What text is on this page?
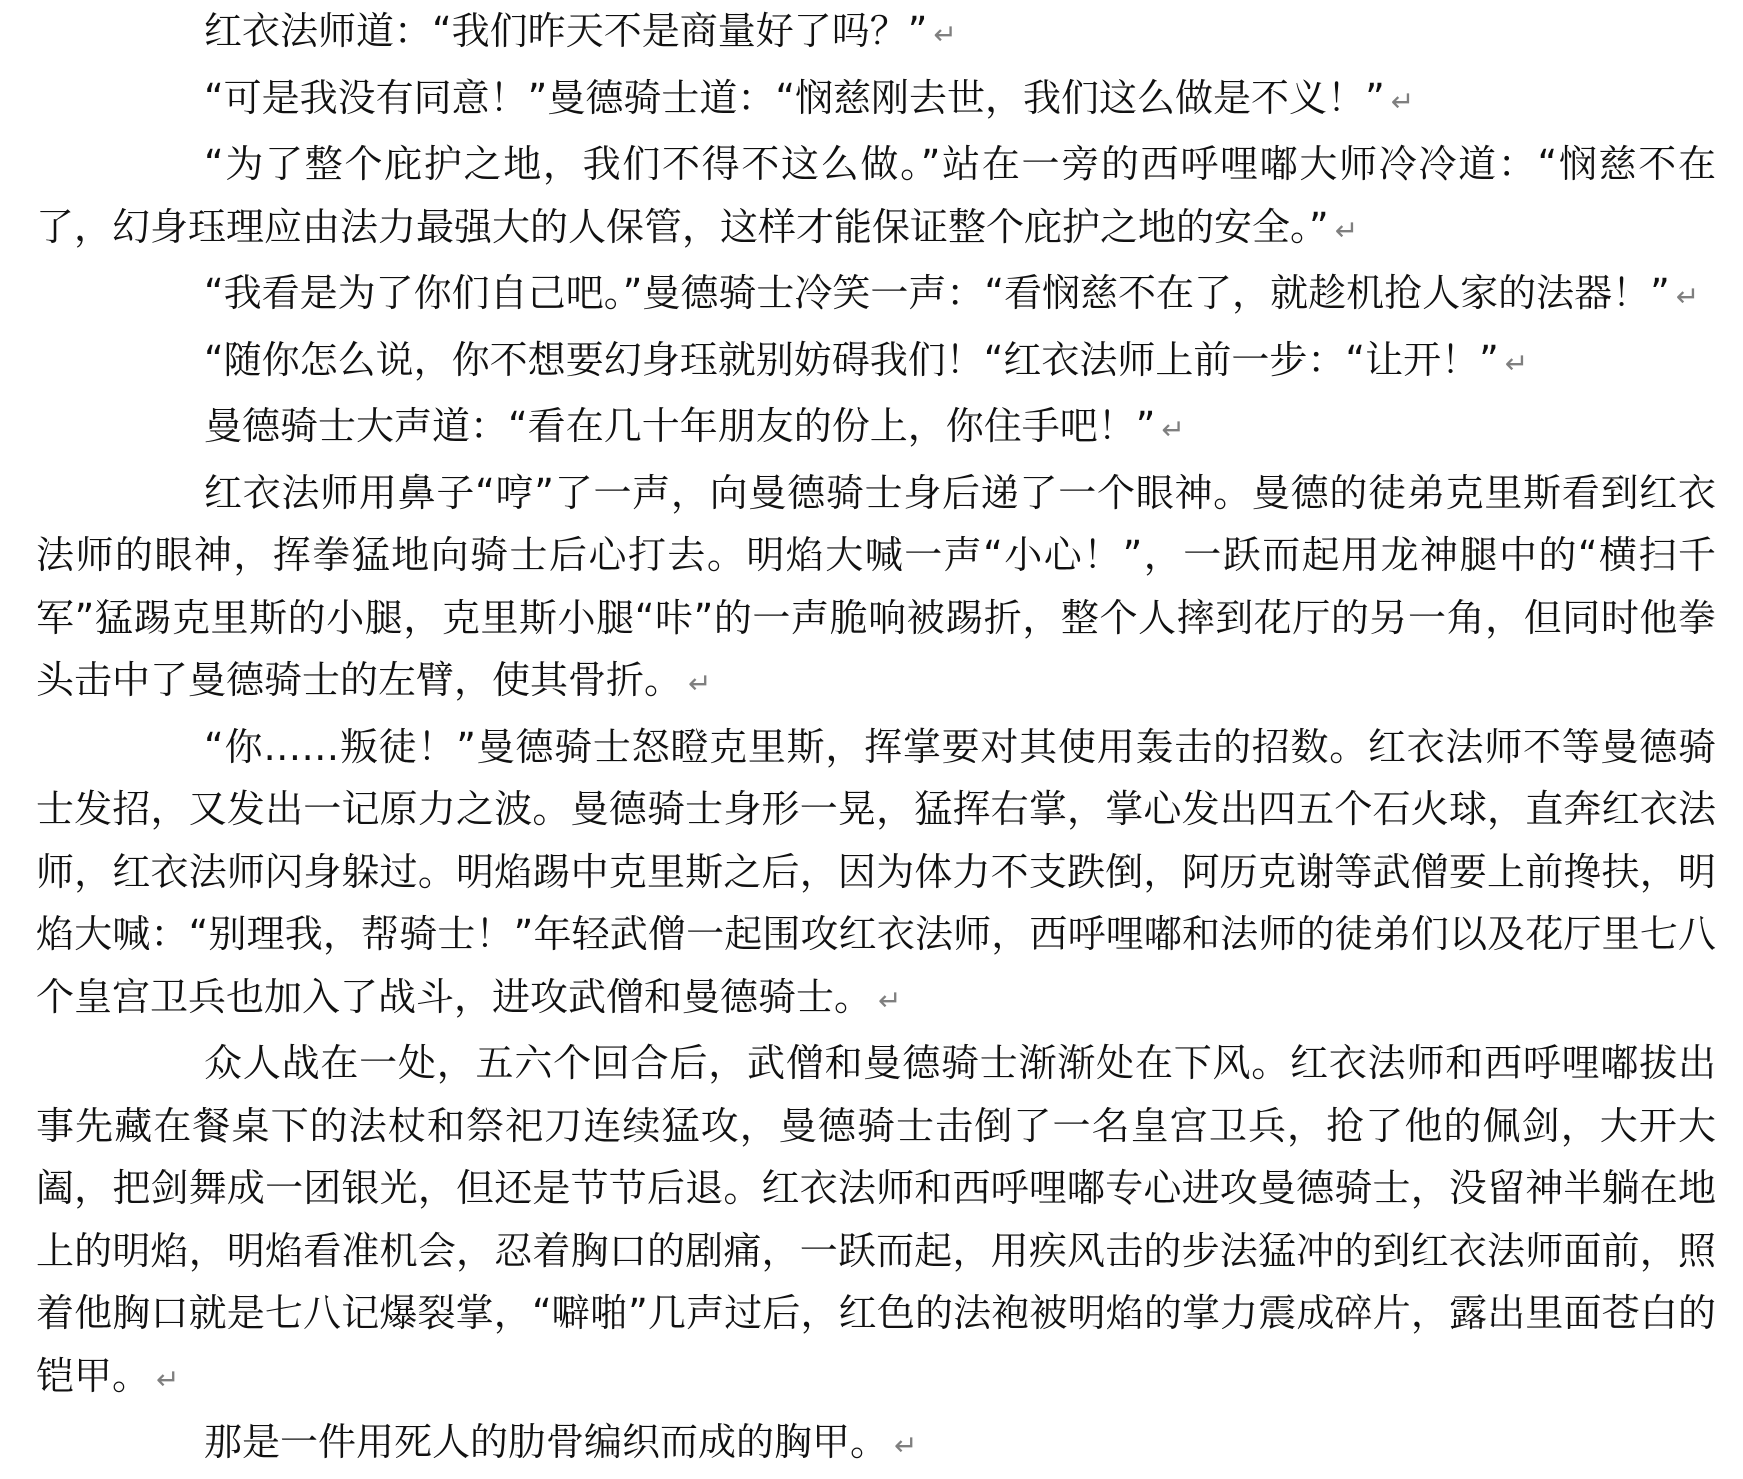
红衣法师道：“我们昨天不是商量好了吗？” ↵

“可是我没有同意！”曼德骑士道：“悯慈刚去世，我们这么做是不义！” ↵

“为了整个庇护之地，我们不得不这么做。”站在一旁的西呼哩嘟大师冷冷道：“悯慈不在了，幻身珏理应由法力最强大的人保管，这样才能保证整个庇护之地的安全。” ↵

“我看是为了你们自己吧。”曼德骑士冷笑一声：“看悯慈不在了，就趁机抢人家的法器！” ↵

“随你怎么说，你不想要幻身珏就别妨碍我们！“红衣法师上前一步：“让开！” ↵

曼德骑士大声道：“看在几十年朋友的份上，你住手吧！” ↵

红衣法师用鼻子“哼”了一声，向曼德骑士身后递了一个眼神。曼德的徒弟克里斯看到红衣法师的眼神，挥拳猛地向骑士后心打去。明焰大喊一声“小心！”，一跃而起用龙神腿中的“横扫千军”猛踢克里斯的小腿，克里斯小腿“咔”的一声脆响被踢折，整个人摔到花厅的另一角，但同时他拳头击中了曼德骑士的左臂，使其骨折。 ↵

“你……叛徒！”曼德骑士怒瞪克里斯，挥掌要对其使用轰击的招数。红衣法师不等曼德骑士发招，又发出一记原力之波。曼德骑士身形一晃，猛挥右掌，掌心发出四五个石火球，直奔红衣法师，红衣法师闪身躲过。明焰踢中克里斯之后，因为体力不支跌倒，阿历克谢等武僧要上前搀扶，明焰大喊：“别理我，帮骑士！”年轻武僧一起围攻红衣法师，西呼哩嘟和法师的徒弟们以及花厅里七八个皇宫卫兵也加入了战斗，进攻武僧和曼德骑士。 ↵

众人战在一处，五六个回合后，武僧和曼德骑士渐渐处在下风。红衣法师和西呼哩嘟拔出事先藏在餐桌下的法杖和祭祀刀连续猛攻，曼德骑士击倒了一名皇宫卫兵，抢了他的佩剑，大开大阖，把剑舞成一团银光，但还是节节后退。红衣法师和西呼哩嘟专心进攻曼德骑士，没留神半躺在地上的明焰，明焰看准机会，忍着胸口的剧痛，一跃而起，用疾风击的步法猛冲的到红衣法师面前，照着他胸口就是七八记爆裂掌，“噼啪”几声过后，红色的法袍被明焰的掌力震成碎片，露出里面苍白的铠甲。 ↵

那是一件用死人的肋骨编织而成的胸甲。 ↵
